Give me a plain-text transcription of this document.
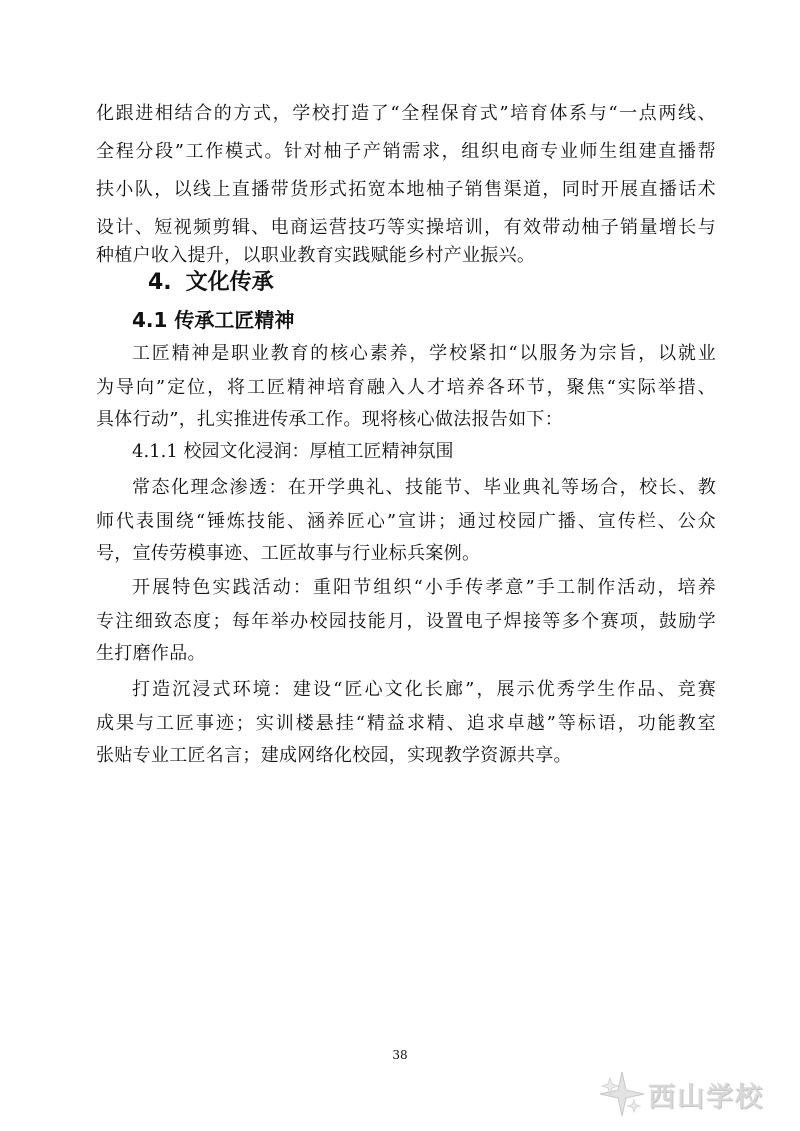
化跟进相结合的方式，学校打造了“全程保育式”培育体系与“一点两线、
全程分段”工作模式。针对柚子产销需求，组织电商专业师生组建直播帮
扶小队，以线上直播带货形式拓宽本地柚子销售渠道，同时开展直播话术
设计、短视频剪辑、电商运营技巧等实操培训，有效带动柚子销量增长与
种植户收入提升，以职业教育实践赋能乡村产业振兴。
4. 文化传承
4.1 传承工匠精神
工匠精神是职业教育的核心素养，学校紧扣“以服务为宗旨，以就业
为导向”定位，将工匠精神培育融入人才培养各环节，聚焦“实际举措、
具体行动”，扎实推进传承工作。现将核心做法报告如下：
4.1.1 校园文化浸润：厚植工匠精神氛围
常态化理念渗透：在开学典礼、技能节、毕业典礼等场合，校长、教
师代表围绕“锤炼技能、涵养匠心”宣讲；通过校园广播、宣传栏、公众
号，宣传劳模事迹、工匠故事与行业标兵案例。
开展特色实践活动：重阳节组织“小手传孝意”手工制作活动，培养
专注细致态度；每年举办校园技能月，设置电子焊接等多个赛项，鼓励学
生打磨作品。
打造沉浸式环境：建设“匠心文化长廊”，展示优秀学生作品、竞赛
成果与工匠事迹；实训楼悬挂“精益求精、追求卓越”等标语，功能教室
张贴专业工匠名言；建成网络化校园，实现教学资源共享。
38
西山学校
